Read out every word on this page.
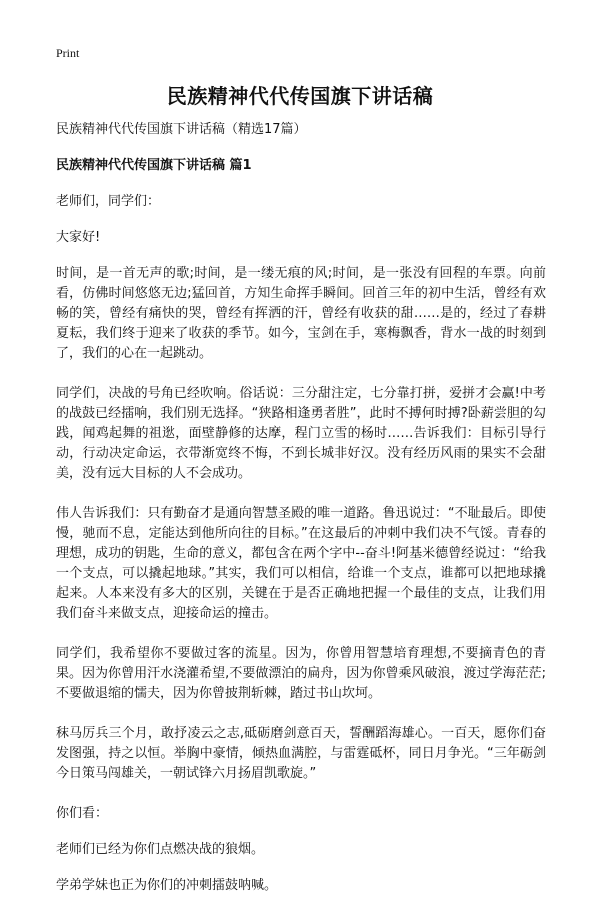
Print
民族精神代代传国旗下讲话稿

民族精神代代传国旗下讲话稿（精选17篇）

民族精神代代传国旗下讲话稿 篇1

老师们，同学们：

大家好!

时间，是一首无声的歌;时间，是一缕无痕的风;时间，是一张没有回程的车票。向前看，仿佛时间悠悠无边;猛回首，方知生命挥手瞬间。回首三年的初中生活，曾经有欢畅的笑，曾经有痛快的哭，曾经有挥洒的汗，曾经有收获的甜……是的，经过了春耕夏耘，我们终于迎来了收获的季节。如今，宝剑在手，寒梅飘香，背水一战的时刻到了，我们的心在一起跳动。

同学们，决战的号角已经吹响。俗话说：三分甜注定，七分靠打拼，爱拼才会赢!中考的战鼓已经擂响，我们别无选择。“狭路相逢勇者胜”，此时不搏何时搏?卧薪尝胆的勾践，闻鸡起舞的祖逖，面壁静修的达摩，程门立雪的杨时……告诉我们：目标引导行动，行动决定命运，衣带渐宽终不悔，不到长城非好汉。没有经历风雨的果实不会甜美，没有远大目标的人不会成功。

伟人告诉我们：只有勤奋才是通向智慧圣殿的唯一道路。鲁迅说过：“不耻最后。即使慢，驰而不息，定能达到他所向往的目标。”在这最后的冲刺中我们决不气馁。青春的理想，成功的钥匙，生命的意义，都包含在两个字中--奋斗!阿基米德曾经说过：“给我一个支点，可以撬起地球。”其实，我们可以相信，给谁一个支点，谁都可以把地球撬起来。人本来没有多大的区别，关键在于是否正确地把握一个最佳的支点，让我们用我们奋斗来做支点，迎接命运的撞击。

同学们，我希望你不要做过客的流星。因为，你曾用智慧培育理想,不要摘青色的青果。因为你曾用汗水浇灌希望,不要做漂泊的扁舟，因为你曾乘风破浪，渡过学海茫茫;不要做退缩的懦夫，因为你曾披荆斩棘，踏过书山坎坷。

秣马厉兵三个月，敢抒凌云之志,砥砺磨剑意百天，誓酬蹈海雄心。一百天，愿你们奋发图强，持之以恒。举胸中豪情，倾热血满腔，与雷霆砥杯，同日月争光。“三年砺剑今日策马闯雄关，一朝试锋六月扬眉凯歌旋。”

你们看：

老师们已经为你们点燃决战的狼烟。

学弟学妹也正为你们的冲刺擂鼓呐喊。
